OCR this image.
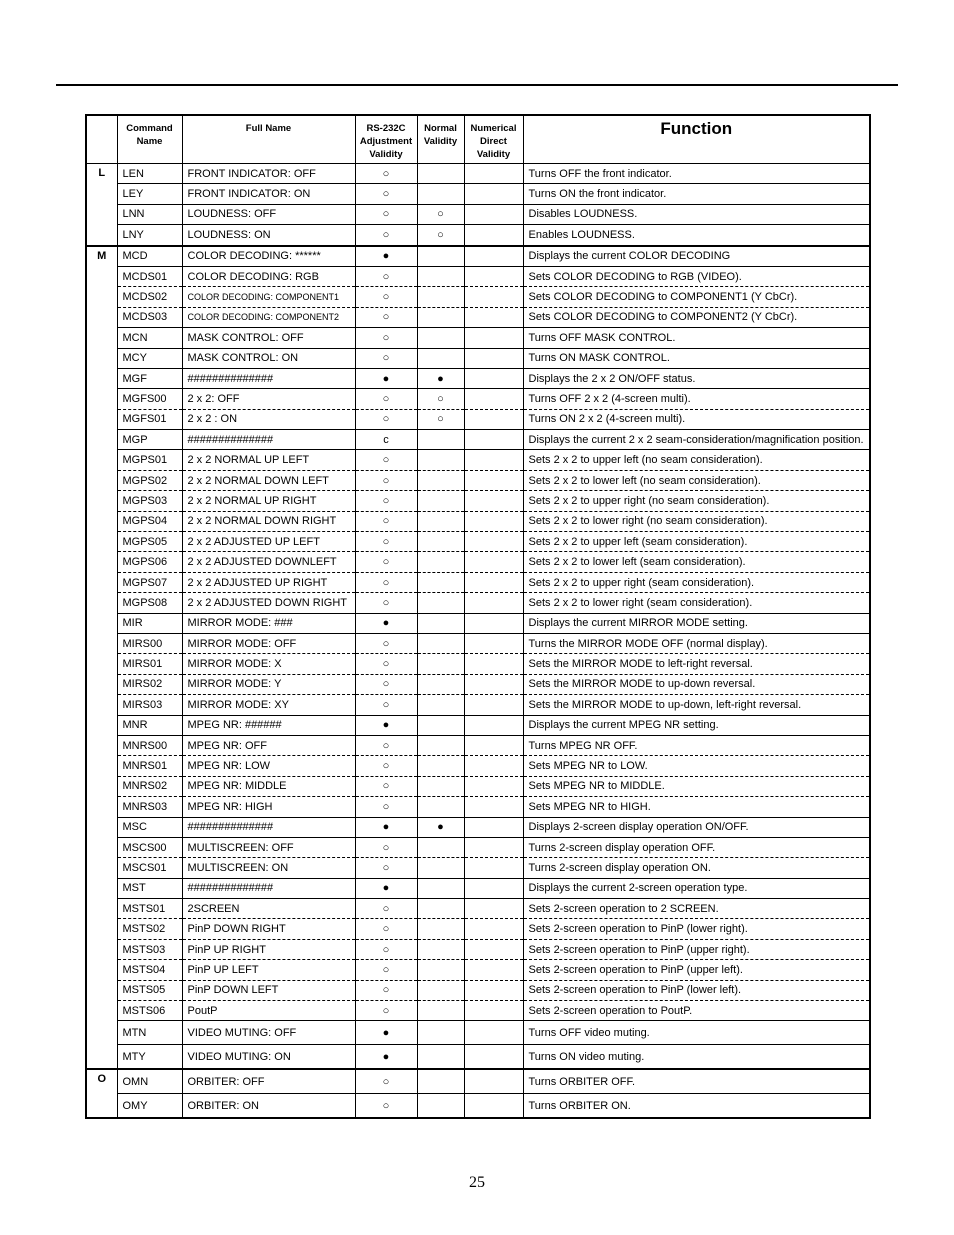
	Command Name	Full Name	RS-232C Adjustment Validity	Normal Validity	Numerical Direct Validity	Function
L	LEN	FRONT INDICATOR: OFF	○			Turns OFF the front indicator.
	LEY	FRONT INDICATOR: ON	○			Turns ON the front indicator.
	LNN	LOUDNESS: OFF	○	○		Disables LOUDNESS.
	LNY	LOUDNESS: ON	○	○		Enables LOUDNESS.
M	MCD	COLOR DECODING: ******	●			Displays the current COLOR DECODING
	MCDS01	COLOR DECODING: RGB	○			Sets COLOR DECODING to RGB (VIDEO).
	MCDS02	COLOR DECODING: COMPONENT1	○			Sets COLOR DECODING to COMPONENT1 (Y CbCr).
	MCDS03	COLOR DECODING: COMPONENT2	○			Sets COLOR DECODING to COMPONENT2 (Y CbCr).
	MCN	MASK CONTROL: OFF	○			Turns OFF MASK CONTROL.
	MCY	MASK CONTROL: ON	○			Turns ON MASK CONTROL.
	MGF	##############	●	●		Displays the 2 x 2 ON/OFF status.
	MGFS00	2 x 2: OFF	○	○		Turns OFF 2 x 2 (4-screen multi).
	MGFS01	2 x 2 : ON	○	○		Turns ON 2 x 2 (4-screen multi).
	MGP	##############	c			Displays the current 2 x 2 seam-consideration/magnification position.
	MGPS01	2 x 2 NORMAL UP LEFT	○			Sets 2 x 2 to upper left (no seam consideration).
	MGPS02	2 x 2 NORMAL DOWN LEFT	○			Sets 2 x 2 to lower left (no seam consideration).
	MGPS03	2 x 2 NORMAL UP RIGHT	○			Sets 2 x 2 to upper right (no seam consideration).
	MGPS04	2 x 2 NORMAL DOWN RIGHT	○			Sets 2 x 2 to lower right (no seam consideration).
	MGPS05	2 x 2 ADJUSTED UP LEFT	○			Sets 2 x 2 to upper left (seam consideration).
	MGPS06	2 x 2 ADJUSTED DOWNLEFT	○			Sets 2 x 2 to lower left (seam consideration).
	MGPS07	2 x 2 ADJUSTED UP RIGHT	○			Sets 2 x 2 to upper right (seam consideration).
	MGPS08	2 x 2 ADJUSTED DOWN RIGHT	○			Sets 2 x 2 to lower right (seam consideration).
	MIR	MIRROR MODE: ###	●			Displays the current MIRROR MODE setting.
	MIRS00	MIRROR MODE: OFF	○			Turns the MIRROR MODE OFF (normal display).
	MIRS01	MIRROR MODE: X	○			Sets the MIRROR MODE to left-right reversal.
	MIRS02	MIRROR MODE: Y	○			Sets the MIRROR MODE to up-down reversal.
	MIRS03	MIRROR MODE: XY	○			Sets the MIRROR MODE to up-down, left-right reversal.
	MNR	MPEG NR: ######	●			Displays the current MPEG NR setting.
	MNRS00	MPEG NR: OFF	○			Turns MPEG NR OFF.
	MNRS01	MPEG NR: LOW	○			Sets MPEG NR to LOW.
	MNRS02	MPEG NR: MIDDLE	○			Sets MPEG NR to MIDDLE.
	MNRS03	MPEG NR: HIGH	○			Sets MPEG NR to HIGH.
	MSC	##############	●	●		Displays 2-screen display operation ON/OFF.
	MSCS00	MULTISCREEN: OFF	○			Turns 2-screen display operation OFF.
	MSCS01	MULTISCREEN: ON	○			Turns 2-screen display operation ON.
	MST	##############	●			Displays the current 2-screen operation type.
	MSTS01	2SCREEN	○			Sets 2-screen operation to 2 SCREEN.
	MSTS02	PinP DOWN RIGHT	○			Sets 2-screen operation to PinP (lower right).
	MSTS03	PinP UP RIGHT	○			Sets 2-screen operation to PinP (upper right).
	MSTS04	PinP UP LEFT	○			Sets 2-screen operation to PinP (upper left).
	MSTS05	PinP DOWN LEFT	○			Sets 2-screen operation to PinP (lower left).
	MSTS06	PoutP	○			Sets 2-screen operation to PoutP.
	MTN	VIDEO MUTING: OFF	●			Turns OFF video muting.
	MTY	VIDEO MUTING: ON	●			Turns ON video muting.
O	OMN	ORBITER: OFF	○			Turns ORBITER OFF.
	OMY	ORBITER: ON	○			Turns ORBITER ON.
25
